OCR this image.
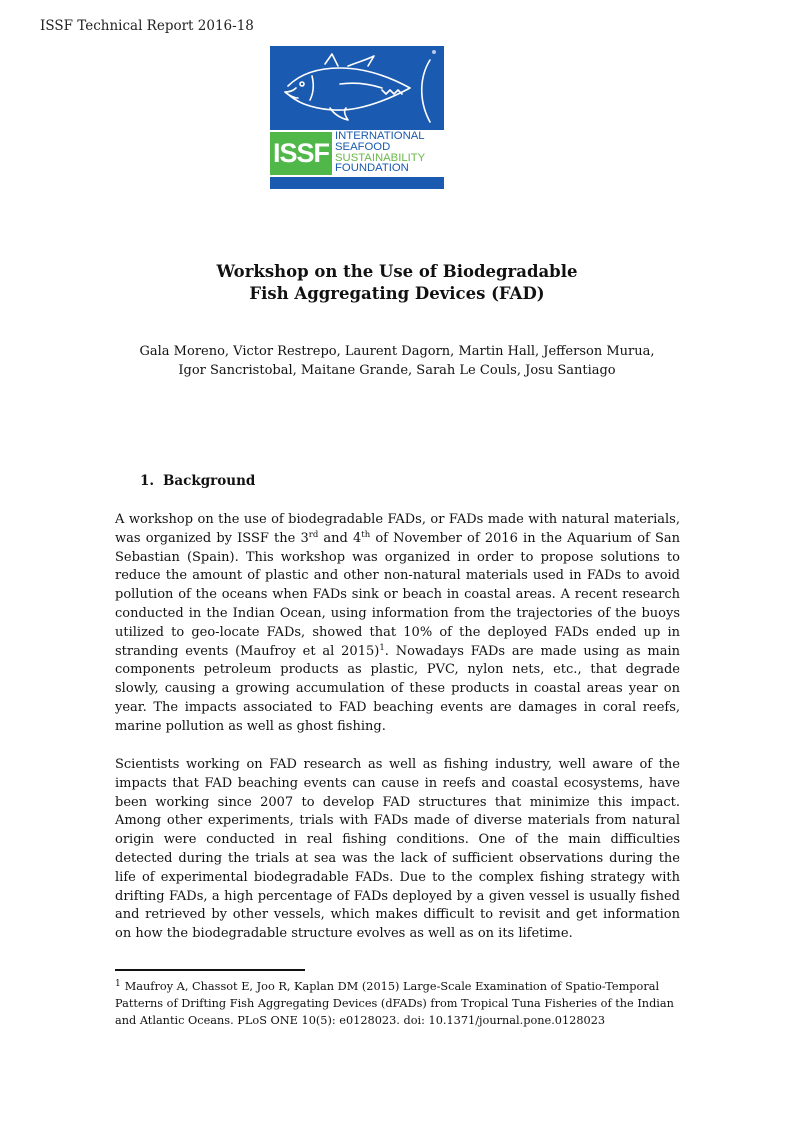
ISSF Technical Report 2016-18
ISSF
INTERNATIONAL
SEAFOOD
SUSTAINABILITY
FOUNDATION
Workshop on the Use of Biodegradable
Fish Aggregating Devices (FAD)
Gala Moreno, Victor Restrepo, Laurent Dagorn, Martin Hall, Jefferson Murua,
Igor Sancristobal, Maitane Grande, Sarah Le Couls, Josu Santiago
1. Background
A workshop on the use of biodegradable FADs, or FADs made with natural materials, was organized by ISSF the 3rd and 4th of November of 2016 in the Aquarium of San Sebastian (Spain). This workshop was organized in order to propose solutions to reduce the amount of plastic and other non-natural materials used in FADs to avoid pollution of the oceans when FADs sink or beach in coastal areas. A recent research conducted in the Indian Ocean, using information from the trajectories of the buoys utilized to geo-locate FADs, showed that 10% of the deployed FADs ended up in stranding events (Maufroy et al 2015)$^1$. Nowadays FADs are made using as main components petroleum products as plastic, PVC, nylon nets, etc., that degrade slowly, causing a growing accumulation of these products in coastal areas year on year. The impacts associated to FAD beaching events are damages in coral reefs, marine pollution as well as ghost fishing.
Scientists working on FAD research as well as fishing industry, well aware of the impacts that FAD beaching events can cause in reefs and coastal ecosystems, have been working since 2007 to develop FAD structures that minimize this impact. Among other experiments, trials with FADs made of diverse materials from natural origin were conducted in real fishing conditions. One of the main difficulties detected during the trials at sea was the lack of sufficient observations during the life of experimental biodegradable FADs. Due to the complex fishing strategy with drifting FADs, a high percentage of FADs deployed by a given vessel is usually fished and retrieved by other vessels, which makes difficult to revisit and get information on how the biodegradable structure evolves as well as on its lifetime.
$^1$ Maufroy A, Chassot E, Joo R, Kaplan DM (2015) Large-Scale Examination of Spatio-Temporal Patterns of Drifting Fish Aggregating Devices (dFADs) from Tropical Tuna Fisheries of the Indian and Atlantic Oceans. PLoS ONE 10(5): e0128023. doi: 10.1371/journal.pone.0128023
